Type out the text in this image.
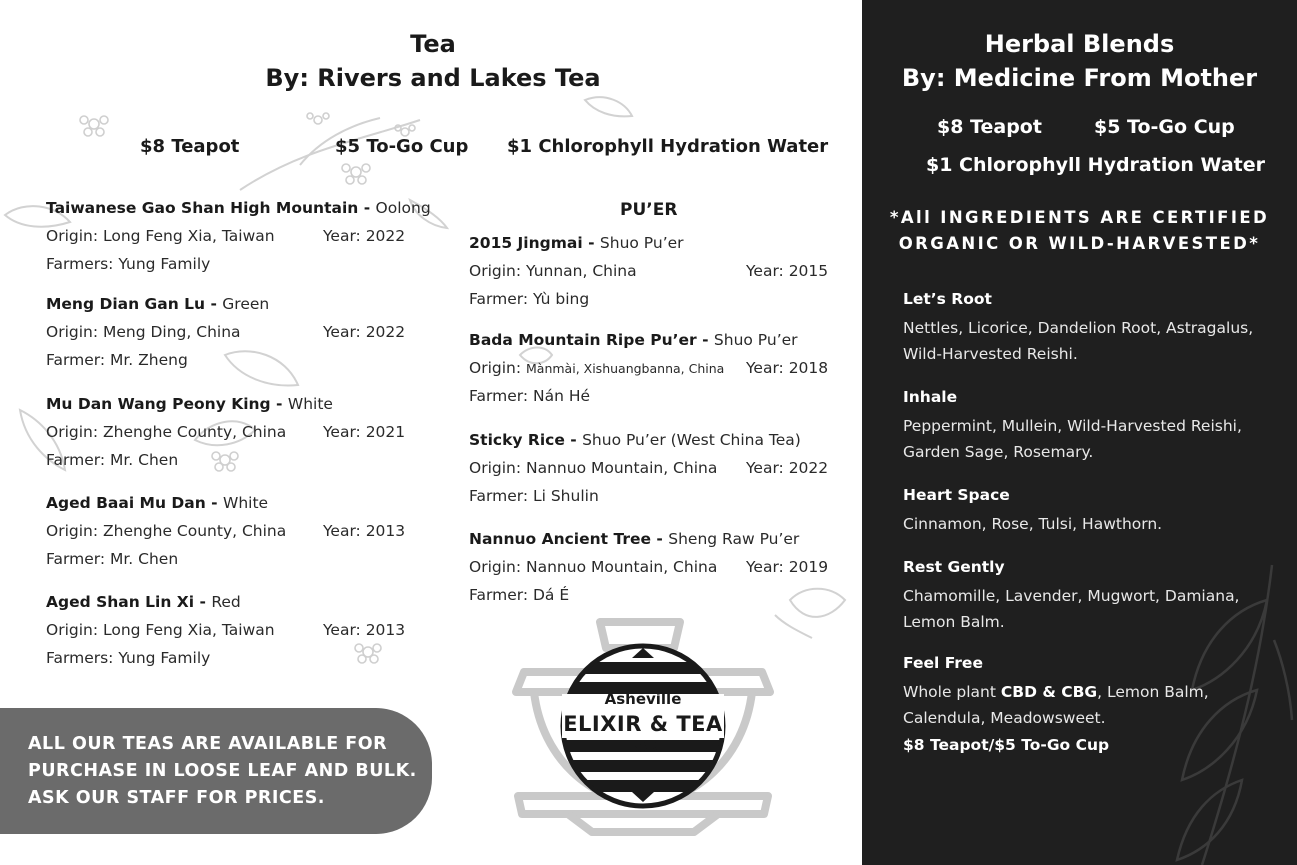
Tea
By: Rivers and Lakes Tea
$8 Teapot	$5 To-Go Cup $1 Chlorophyll Hydration Water
Taiwanese Gao Shan High Mountain - Oolong
Origin: Long Feng Xia, Taiwan	Year: 2022
Farmers: Yung Family
Meng Dian Gan Lu - Green
Origin: Meng Ding, China	Year: 2022
Farmer: Mr. Zheng
Mu Dan Wang Peony King - White
Origin: Zhenghe County, China Year: 2021
Farmer: Mr. Chen
Aged Baai Mu Dan - White
Origin: Zhenghe County, China Year: 2013
Farmer: Mr. Chen
Aged Shan Lin Xi - Red
Origin: Long Feng Xia, Taiwan	Year: 2013
Farmers: Yung Family
PU’ER
2015 Jingmai - Shuo Pu’er
Origin: Yunnan, China	Year: 2015
Farmer: Yù bing
Bada Mountain Ripe Pu’er - Shuo Pu’er
Origin: Mànmài, Xishuangbanna, China Year: 2018
Farmer: Nán Hé
Sticky Rice - Shuo Pu’er (West China Tea)
Origin: Nannuo Mountain, China Year: 2022
Farmer: Li Shulin
Nannuo Ancient Tree - Sheng Raw Pu’er
Origin: Nannuo Mountain, China Year: 2019
Farmer: Dá É
Asheville
ELIXIR & TEA
BAR
ALL OUR TEAS ARE AVAILABLE FOR
PURCHASE IN LOOSE LEAF AND BULK.
ASK OUR STAFF FOR PRICES.
Herbal Blends
By: Medicine From Mother
$8 Teapot	$5 To-Go Cup
$1 Chlorophyll Hydration Water
*All INGREDIENTS ARE CERTIFIED
ORGANIC OR WILD-HARVESTED*
Let’s Root
Nettles, Licorice, Dandelion Root, Astragalus,
Wild-Harvested Reishi.
Inhale
Peppermint, Mullein, Wild-Harvested Reishi,
Garden Sage, Rosemary.
Heart Space
Cinnamon, Rose, Tulsi, Hawthorn.
Rest Gently
Chamomille, Lavender, Mugwort, Damiana,
Lemon Balm.
Feel Free
Whole plant CBD & CBG, Lemon Balm,
Calendula, Meadowsweet.
$8 Teapot/$5 To-Go Cup
